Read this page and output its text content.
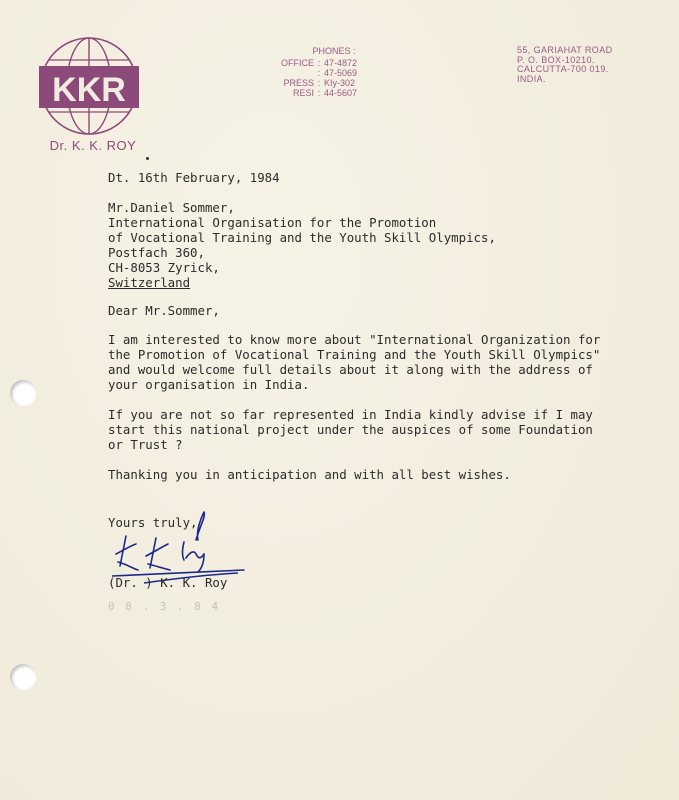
KKR
Dr. K. K. ROY
PHONES :
OFFICE : 47-4872
: 47-5069
PRESS : KIy-302
RESI : 44-5607
55, GARIAHAT ROAD
P. O. BOX-10210.
CALCUTTA-700 019.
INDIA.
Dt. 16th February, 1984
Mr.Daniel Sommer,
International Organisation for the Promotion
of Vocational Training and the Youth Skill Olympics,
Postfach 360,
CH-8053 Zyrick,
Switzerland
Dear Mr.Sommer,
I am interested to know more about "International Organization for
the Promotion of Vocational Training and the Youth Skill Olympics"
and would welcome full details about it along with the address of
your organisation in India.
If you are not so far represented in India kindly advise if I may
start this national project under the auspices of some Foundation
or Trust ?
Thanking you in anticipation and with all best wishes.
Yours truly,
(Dr. ) K. K. Roy
0 8 . 3 . 8 4
